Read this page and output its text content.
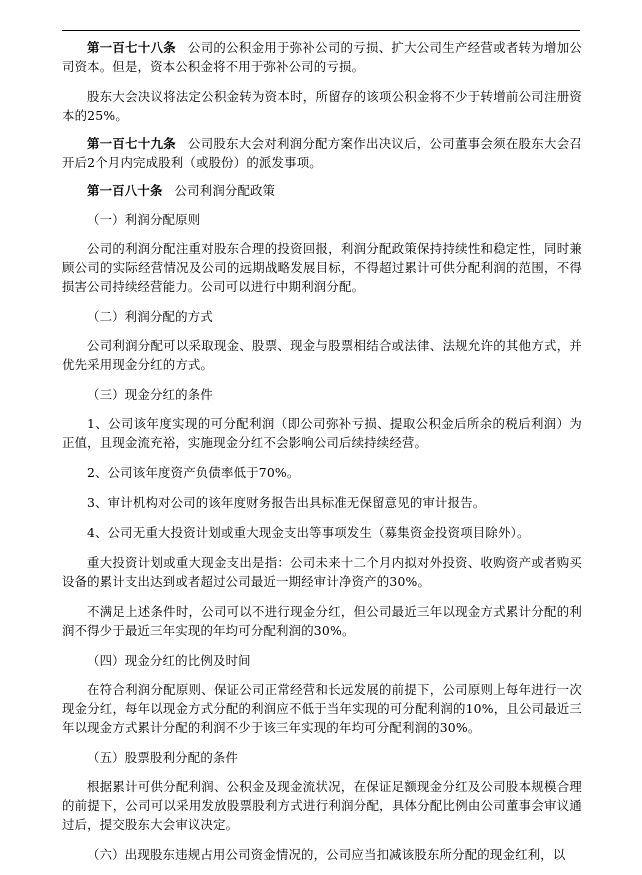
第一百七十八条 公司的公积金用于弥补公司的亏损、扩大公司生产经营或者转为增加公司资本。但是，资本公积金将不用于弥补公司的亏损。

股东大会决议将法定公积金转为资本时，所留存的该项公积金将不少于转增前公司注册资本的25%。

第一百七十九条 公司股东大会对利润分配方案作出决议后，公司董事会须在股东大会召开后2个月内完成股利（或股份）的派发事项。

第一百八十条 公司利润分配政策

（一）利润分配原则

公司的利润分配注重对股东合理的投资回报，利润分配政策保持持续性和稳定性，同时兼顾公司的实际经营情况及公司的远期战略发展目标，不得超过累计可供分配利润的范围，不得损害公司持续经营能力。公司可以进行中期利润分配。

（二）利润分配的方式

公司利润分配可以采取现金、股票、现金与股票相结合或法律、法规允许的其他方式，并优先采用现金分红的方式。

（三）现金分红的条件

1、公司该年度实现的可分配利润（即公司弥补亏损、提取公积金后所余的税后利润）为正值，且现金流充裕，实施现金分红不会影响公司后续持续经营。

2、公司该年度资产负债率低于70%。

3、审计机构对公司的该年度财务报告出具标准无保留意见的审计报告。

4、公司无重大投资计划或重大现金支出等事项发生（募集资金投资项目除外）。

重大投资计划或重大现金支出是指：公司未来十二个月内拟对外投资、收购资产或者购买设备的累计支出达到或者超过公司最近一期经审计净资产的30%。

不满足上述条件时，公司可以不进行现金分红，但公司最近三年以现金方式累计分配的利润不得少于最近三年实现的年均可分配利润的30%。

（四）现金分红的比例及时间

在符合利润分配原则、保证公司正常经营和长远发展的前提下，公司原则上每年进行一次现金分红，每年以现金方式分配的利润应不低于当年实现的可分配利润的10%，且公司最近三年以现金方式累计分配的利润不少于该三年实现的年均可分配利润的30%。

（五）股票股利分配的条件

根据累计可供分配利润、公积金及现金流状况，在保证足额现金分红及公司股本规模合理的前提下，公司可以采用发放股票股利方式进行利润分配，具体分配比例由公司董事会审议通过后，提交股东大会审议决定。

（六）出现股东违规占用公司资金情况的，公司应当扣减该股东所分配的现金红利，以
